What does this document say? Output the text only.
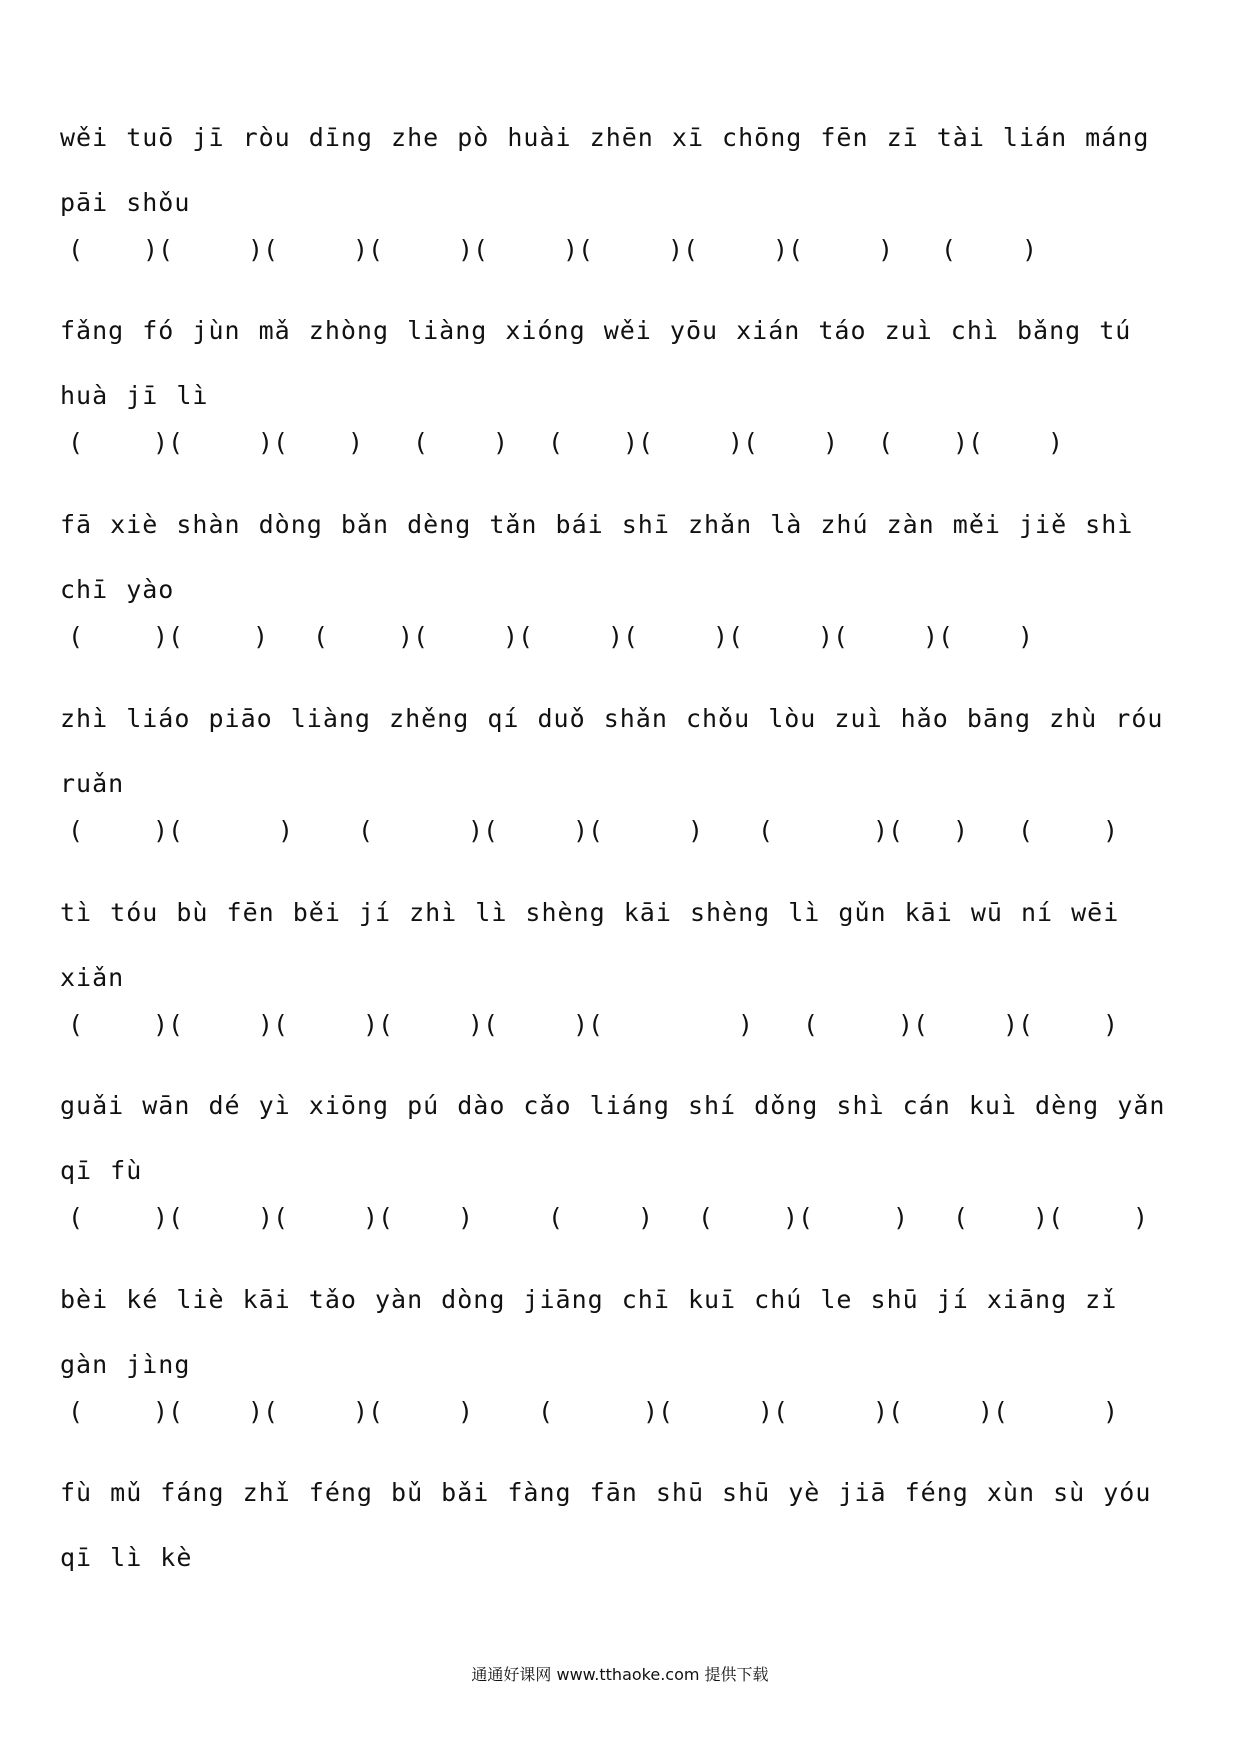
wěi tuō jī ròu dīng zhe pò huài zhēn xī chōng fēn zī tài lián máng pāi shǒu
( )(	)(	)(	)(	)(	)(	)(	) (	)
fǎng fó jùn mǎ zhòng liàng xióng wěi yōu xián táo zuì chì bǎng tú huà jī lì
(	)(	)( ) (	) ( )(	)(	) ( )(	)
fā xiè shàn dòng bǎn dèng tǎn bái shī zhǎn là zhú zàn měi jiě shì chī yào
(	)(	) (	)(	)(	)(	)(	)(	)(	)
zhì liáo piāo liàng zhěng qí duǒ shǎn chǒu lòu zuì hǎo bāng zhù róu ruǎn
(	)(	)	(	)(	)(	) (	)( ) (	)
tì tóu bù fēn běi jí zhì lì shèng kāi shèng lì gǔn kāi wū ní wēi xiǎn
(	)(	)(	)(	)(	)(	) (	)(	)(	)
guǎi wān dé yì xiōng pú dào cǎo liáng shí dǒng shì cán kuì dèng yǎn qī fù
(	)(	)(	)(	)	(	) (	)(	) (	)(	)
bèi ké liè kāi tǎo yàn dòng jiāng chī kuī chú le shū jí xiāng zǐ gàn jìng
(	)(	)(	)(	)	(	)(	)(	)(	)(	)
fù mǔ fáng zhǐ féng bǔ bǎi fàng fān shū shū yè jiā féng xùn sù yóu qī lì kè
通通好课网 www.tthaoke.com 提供下载
